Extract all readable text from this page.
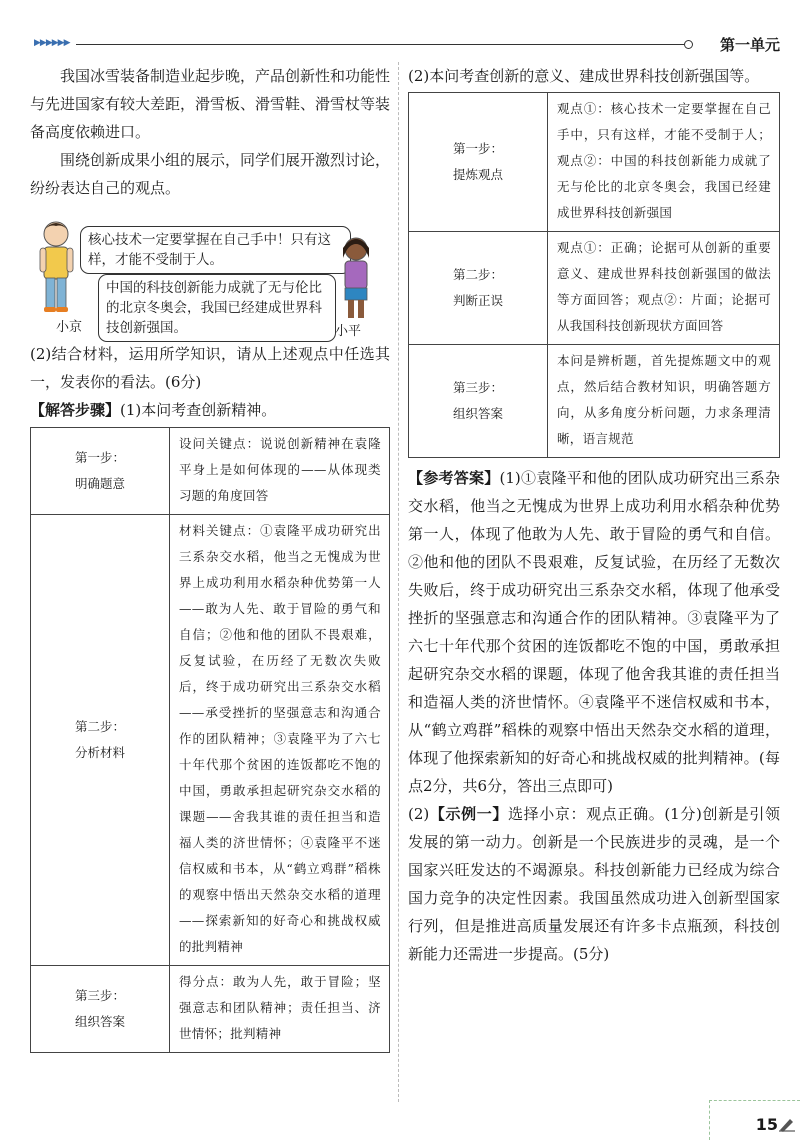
▶▶▶▶▶▶	第一单元

我国冰雪装备制造业起步晚，产品创新性和功能性与先进国家有较大差距，滑雪板、滑雪鞋、滑雪杖等装备高度依赖进口。

围绕创新成果小组的展示，同学们展开激烈讨论，纷纷表达自己的观点。

核心技术一定要掌握在自己手中！只有这样，才能不受制于人。
中国的科技创新能力成就了无与伦比的北京冬奥会，我国已经建成世界科技创新强国。
小京	小平

(2)结合材料，运用所学知识，请从上述观点中任选其一，发表你的看法。(6分)

【解答步骤】(1)本问考查创新精神。

第一步：
明确题意	设问关键点：说说创新精神在袁隆平身上是如何体现的——从体现类习题的角度回答

第二步：
分析材料	材料关键点：①袁隆平成功研究出三系杂交水稻，他当之无愧成为世界上成功利用水稻杂种优势第一人——敢为人先、敢于冒险的勇气和自信；②他和他的团队不畏艰难，反复试验，在历经了无数次失败后，终于成功研究出三系杂交水稻——承受挫折的坚强意志和沟通合作的团队精神；③袁隆平为了六七十年代那个贫困的连饭都吃不饱的中国，勇敢承担起研究杂交水稻的课题——舍我其谁的责任担当和造福人类的济世情怀；④袁隆平不迷信权威和书本，从“鹤立鸡群”稻株的观察中悟出天然杂交水稻的道理——探索新知的好奇心和挑战权威的批判精神

第三步：
组织答案	得分点：敢为人先，敢于冒险；坚强意志和团队精神；责任担当、济世情怀；批判精神

(2)本问考查创新的意义、建成世界科技创新强国等。

第一步：
提炼观点	观点①：核心技术一定要掌握在自己手中，只有这样，才能不受制于人；观点②：中国的科技创新能力成就了无与伦比的北京冬奥会，我国已经建成世界科技创新强国

第二步：
判断正误	观点①：正确；论据可从创新的重要意义、建成世界科技创新强国的做法等方面回答；观点②：片面；论据可从我国科技创新现状方面回答

第三步：
组织答案	本问是辨析题，首先提炼题文中的观点，然后结合教材知识，明确答题方向，从多角度分析问题，力求条理清晰，语言规范

【参考答案】(1)①袁隆平和他的团队成功研究出三系杂交水稻，他当之无愧成为世界上成功利用水稻杂种优势第一人，体现了他敢为人先、敢于冒险的勇气和自信。②他和他的团队不畏艰难，反复试验，在历经了无数次失败后，终于成功研究出三系杂交水稻，体现了他承受挫折的坚强意志和沟通合作的团队精神。③袁隆平为了六七十年代那个贫困的连饭都吃不饱的中国，勇敢承担起研究杂交水稻的课题，体现了他舍我其谁的责任担当和造福人类的济世情怀。④袁隆平不迷信权威和书本，从“鹤立鸡群”稻株的观察中悟出天然杂交水稻的道理，体现了他探索新知的好奇心和挑战权威的批判精神。(每点2分，共6分，答出三点即可)

(2)【示例一】选择小京：观点正确。(1分)创新是引领发展的第一动力。创新是一个民族进步的灵魂，是一个国家兴旺发达的不竭源泉。科技创新能力已经成为综合国力竞争的决定性因素。我国虽然成功进入创新型国家行列，但是推进高质量发展还有许多卡点瓶颈，科技创新能力还需进一步提高。(5分)

15
